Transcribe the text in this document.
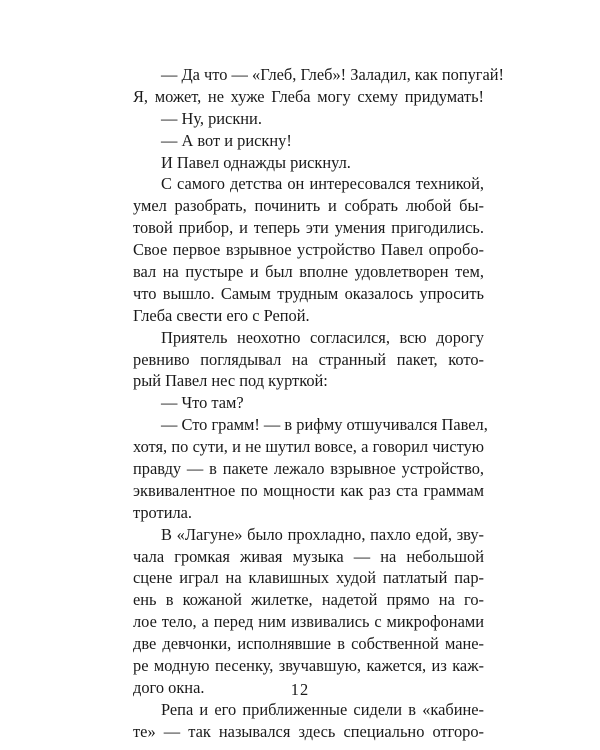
— Да что — «Глеб, Глеб»! Заладил, как попугай!
Я, может, не хуже Глеба могу схему придумать!
— Ну, рискни.
— А вот и рискну!
И Павел однажды рискнул.
С самого детства он интересовался техникой,
умел разобрать, починить и собрать любой бы-
товой прибор, и теперь эти умения пригодились.
Свое первое взрывное устройство Павел опробо-
вал на пустыре и был вполне удовлетворен тем,
что вышло. Самым трудным оказалось упросить
Глеба свести его с Репой.
Приятель неохотно согласился, всю дорогу
ревниво поглядывал на странный пакет, кото-
рый Павел нес под курткой:
— Что там?
— Сто грамм! — в рифму отшучивался Павел,
хотя, по сути, и не шутил вовсе, а говорил чистую
правду — в пакете лежало взрывное устройство,
эквивалентное по мощности как раз ста граммам
тротила.
В «Лагуне» было прохладно, пахло едой, зву-
чала громкая живая музыка — на небольшой
сцене играл на клавишных худой патлатый пар-
ень в кожаной жилетке, надетой прямо на го-
лое тело, а перед ним извивались с микрофонами
две девчонки, исполнявшие в собственной мане-
ре модную песенку, звучавшую, кажется, из каж-
дого окна.
Репа и его приближенные сидели в «кабине-
те» — так назывался здесь специально отгоро-
12
